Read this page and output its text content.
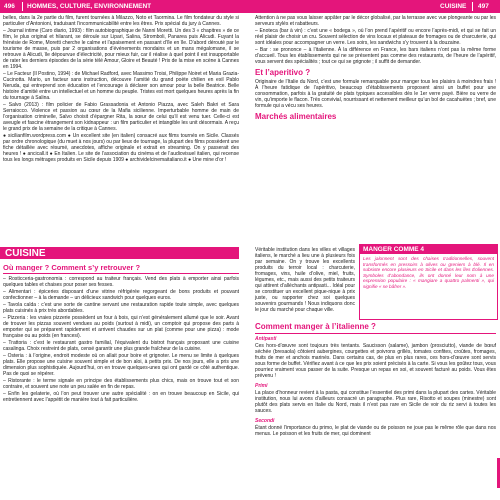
496 HOMMES, CULTURE, ENVIRONNEMENT	CUISINE 497

belles, dans la 2e partie du film, furent tournées à Milazzo, Noto et Taormina. Le film fondateur du style si particulier d’Antonioni, traduisant l’incommunicabilité entre les êtres. Prix spécial du jury à Cannes.

– Journal intime (Caro diario, 1993) : film autobiographique de Nanni Moretti. Un des 3 « chapitres » de ce film, le plus original et hilarant, se déroule sur Lipari, Salina, Stromboli, Panarea puis Alicudi. Fuyant la frénésie de Rome, Moretti cherche le calme et l’apaisement en passant d’île en île. D’abord dérouté par le tourisme de masse, puis par 2 organisations d’événements mondains et un mans mégalomane, il se retrouve à Alicudi, île dépourvue d’électricité, pour mieux fuir, car il réalise à quel point il est insupportable de rater les derniers épisodes de la série télé Amour, Gloire et Beauté ! Prix de la mise en scène à Cannes en 1994.

– Le Facteur (Il Postino, 1994) : de Michael Radford, avec Massimo Troisi, Philippe Noiret et Maria Grazia-Cucinotta. Mario, un facteur sans instruction, découvre l’amitié du grand poète chilien en exil Pablo Neruda, qui entreprend son éducation et l’encourage à déclarer son amour pour la belle Beatrice. Belle histoire d’amitié entre un intellectuel et un homme du peuple. Tristes est mort quelques heures après la fin du tournage à Salina.

– Salvo (2013) : film policier de Fabio Grassadonia et Antonio Piazza, avec Saleh Bakri et Sara Serraiocco. Violence et passion au cœur de la Mafia sicilienne. Imperturbable homme de main de l’organisation criminelle, Salvo choisit d’épargner Rita, la sœur de celui qu’il est venu tuer. Celle-ci est aveugle et fascine étrangement son kidnappeur : un film particulier et intangible les unit désormais. A reçu le grand prix de la semaine de la critique à Cannes.

● sicilianfilm.wordpress.com ● Un excellent site (en italien) consacré aux films tournés en Sicile. Classés par ordre chronologique (du muet à nos jours) ou par lieux de tournage, la plupart des films possèdent une fiche détaillée avec résumé, anecdotes, affiche originale et extrait en streaming. On y passerait des heures ! ● ancicall.it ● En Italien. Le site de l’association du cinéma et de l’audiovisuel italien, qui recense tous les longs métrages produits en Sicile depuis 1909 ● archividelcinemaitaliano.it ● Une mine d’or !

CUISINE
Où manger ? Comment s’y retrouver ?

– Rosticceria-gastronomia : correspond au traiteur français. Vend des plats à emporter ainsi parfois quelques tables et chaises pour poser ses fesses.

– Alimentari : épiceries disposant d’une vitrine réfrigérée regorgeant de bons produits et pouvant confectionner – à la demande – un délicieux sandwich pour quelques euros.

– Tavola calda : c’est une sorte de cantine servant une restauration rapide toute simple, avec quelques plats cuisinés à prix très abordables.

– Pizzeria : les vraies pizzerie possèdent un four à bois, qui n’est généralement allumé que le soir. Avant de trouver les pizzas souvent vendues au poids (surtout à midi), un comptoir qui propose des parts à emporter qui se préparent rapidement et arrivent chaudes sur un plat (comme pour une pizza) : mode française ou au poids (en francesi).

– Trattoria : c’est le restaurant gastro familial, l’équivalent du bistrot français proposant une cuisine casalinga. Choix restreint de plats, censé garantir une plus grande fraîcheur de la cuisine.

– Osteria : à l’origine, endroit modeste où on allait pour boire et grignoter. Le menu se limite à quelques plats. Elle propose une cuisine souvent simple et de bon aloi, à petits prix. De nos jours, elle a pris une dimension plus sophistiquée. Aujourd’hui, on en trouve quelques-unes qui ont gardé ce côté authentique. Pas de quoi se répérer.

– Ristorante : le terme signale en principe des établissements plus chics, mais on trouve tout et son contraire, et souvent une note un peu salée en fin de repas.

– Enfin les gelaterie, où l’on peut trouver une autre spécialité : on en trouve beaucoup en Sicile, qui entretiennent avec l’appétit de manière tout à fait particulière.

Attention à ne pas vous laisser appâter par le décor globalisé, par la terrasse avec vue plongeante ou par les serveurs stylés et rabatteurs.

– Enoteca (bar à vin) : c’est une « bodega », où l’on prend l’apéritif ou encore l’après-midi, et qui se fait un réel plaisir de choisir un cru. Souvent sélection de vins locaux et plateaux de fromages ou de charcuterie, qui sont idéales pour accompagner un verre. Les soirs, les sandwichs s’y trouvent à la douzaine.

– Bar : se prononce – à l’italienne. À la différence en France, les bars italiens n’ont pas la même forme d’accueil. Tous les établissements qui ne se présentent pas comme des restaurants, de l’heure de l’apéritif, vous servent des spécialités ; tout ce qui se grignote ; il suffit de demander.

Et l’aperitivo ?

Originaire de l’Italie du Nord, c’est une formule remarquable pour manger tous les plaisirs à moindres frais ! À l’heure fatidique de l’apéritivo, beaucoup d’établissements proposent ainsi un buffet pour une consommation, parfois à la gratuité de plats typiques accessibles dès le 1er verre payé. Bière ou verre de vin, qu’importe le flacon. Très convivial, nourrissant et nettement meilleur qu’un bol de cacahuètes ; bref, une formule qui a vécu ses heures.

Marchés alimentaires
Véritable institution dans les villes et villages italiens, le marché a lieu une à plusieurs fois par semaine. On y trouve les excellents produits du terroir local : charcuterie, fromages, vins, huile d’olive, miel, fruits, légumes, etc., mais aussi des petits traiteurs qui attirent d’alléchants antipasti... Idéal pour se constituer un excellent pique-nique à prix juste, ou rapporter chez soi quelques souvenirs gourmands ! Nous indiquons donc le jour du marché pour chaque ville.
MANGER COMME 4
Les jalonnent sont des chaises traditionnelles, souvent transformés en pressoirs à olives ou greniers à blé. Il en subsiste encore plusieurs en Sicile et dans les îles Éoliennes. Symboles d’abondance, ils ont donné leur nom à une expression populaire : « mangiare a quattro palmenti », qui signifie « se bâfrer ».
Comment manger à l’italienne ?

Antipasti

Ces hors-d’œuvre sont toujours très tentants. Saucisson (salame), jambon (prosciutto), viande de bœuf séchée (bresaola) côtoient aubergines, courgettes et poivrons grillés, tomates confites, croûtes, fromages, fruits de mer et anchois marinés. Dans certains cas, de plus en plus rares, ces hors-d’œuvre sont servis sous forme de buffet. Vérifiez avant à ce que les prix soient précisés à la carte. Si vous les goûtez tous, vous pourriez vraiment vous passer de la suite. Presque un repas en soi, et souvent facturé au poids. Vous êtes prévenu !

Primi

La place d’honneur revient à la pasta, qui constitue l’essentiel des primi dans la plupart des cartes. Véritable institution, nous lui avons d’ailleurs consacré un paragraphe. Plus rare, Risotto et soupes (minestre) sont plutôt des plats servis en Italie du Nord, mais il n’est pas rare en Sicile de voir du riz servi à toutes les sauces.

Secondi

Étant donné l’importance du primo, le plat de viande ou de poisson ne joue pas le même rôle que dans nos menus. Le poisson et les fruits de mer, qui dominent
